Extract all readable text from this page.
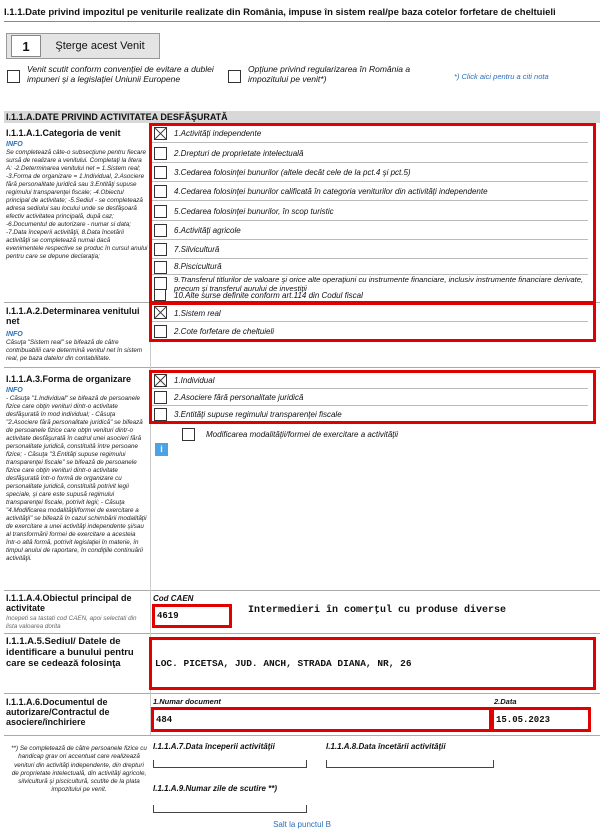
I.1.1.Date privind impozitul pe veniturile realizate din România, impuse în sistem real/pe baza cotelor forfetare de cheltuieli
1	Şterge acest Venit
Venit scutit conform convenţiei de evitare a dublei impuneri şi a legislaţiei Uniunii Europene
Opţiune privind regularizarea în România a impozitului pe venit*)	*) Click aici pentru a citi nota
I.1.1.A.DATE PRIVIND ACTIVITATEA DESFĂŞURATĂ
I.1.1.A.1.Categoria de venit
INFO
Se completează câte-o subsecţiune pentru fiecare sursă de realizare a venitului. Completaţi la litera A: -2.Determinarea venitului net = 1.Sistem real; -3.Forma de organizare = 1.Individual, 2.Asociere fără personalitate juridică sau 3.Entităţi supuse regimului transparenţei fiscale; -4.Obiectul principal de activitate; -5.Sediul - se completează adresa sediului sau locului unde se desfăşoară efectiv activitatea principală, după caz; -6.Documentul de autorizare - numar si data; -7.Data începerii activităţii, 8.Data încetării activităţii se completează numai dacă evenimentele respective se produc în cursul anului pentru care se depune declaraţia;
1.Activităţi independente
2.Drepturi de proprietate intelectuală
3.Cedarea folosinţei bunurilor (altele decât cele de la pct.4 şi pct.5)
4.Cedarea folosinţei bunurilor calificată în categoria veniturilor din activităţi independente
5.Cedarea folosinţei bunurilor, în scop turistic
6.Activităţi agricole
7.Silvicultură
8.Piscicultură
9.Transferul titlurilor de valoare şi orice alte operaţiuni cu instrumente financiare, inclusiv instrumente financiare derivate, precum şi transferul aurului de investiţii
10.Alte surse definite conform art.114 din Codul fiscal
I.1.1.A.2.Determinarea venitului net
INFO
Căsuţa "Sistem real" se bifează de către contribuabilii care determină venitul net în sistem real, pe baza datelor din contabilitate.
1.Sistem real
2.Cote forfetare de cheltuieli
I.1.1.A.3.Forma de organizare
INFO
- Căsuţa "1.Individual" se bifează de persoanele fizice care obţin venituri dintr-o activitate desfăşurată în mod individual; - Căsuţa "2.Asociere fără personalitate juridică" se bifează de persoanele fizice care obţin venituri dintr-o activitate desfăşurată în cadrul unei asocieri fără personalitate juridică, constituită între persoane fizice; - Căsuţa "3.Entităţi supuse regimului transparenţei fiscale" se bifează de persoanele fizice care obţin venituri dintr-o activitate desfăşurată într-o formă de organizare cu personalitate juridică, constituită potrivit legii speciale, şi care este supusă regimului transparenţei fiscale, potrivit legii; - Căsuţa "4.Modificarea modalităţii/formei de exercitare a activităţii" se bifează în cazul schimbării modalităţii de exercitare a unei activităţi independente şi/sau al transformării formei de exercitare a acesteia într-o altă formă, potrivit legislaţiei în materie, în timpul anului de raportare, în condiţiile continuării activităţii.
1.Individual
2.Asociere fără personalitate juridică
3.Entităţi supuse regimului transparenţei fiscale
Modificarea modalităţii/formei de exercitare a activităţii
i
I.1.1.A.4.Obiectul principal de activitate
Incepeti sa tastati cod CAEN, apoi selectati din lista valoarea dorita
Cod CAEN
4619	Intermedieri în comerţul cu produse diverse
I.1.1.A.5.Sediul/ Datele de identificare a bunului pentru care se cedează folosinţa	LOC. PICETSA, JUD. ANCH, STRADA DIANA, NR, 26
I.1.1.A.6.Documentul de autorizare/Contractul de asociere/închiriere
1.Numar document	2.Data
484	15.05.2023
**) Se completează de către persoanele fizice cu handicap grav ori accentuat care realizează venituri din activităţi independente, din drepturi de proprietate intelectuală, din activităţi agricole, silvicultură şi piscicultură, scutite de la plata impozitului pe venit.
I.1.1.A.7.Data începerii activităţii	I.1.1.A.8.Data încetării activităţii
I.1.1.A.9.Numar zile de scutire **)
Salt la punctul B
